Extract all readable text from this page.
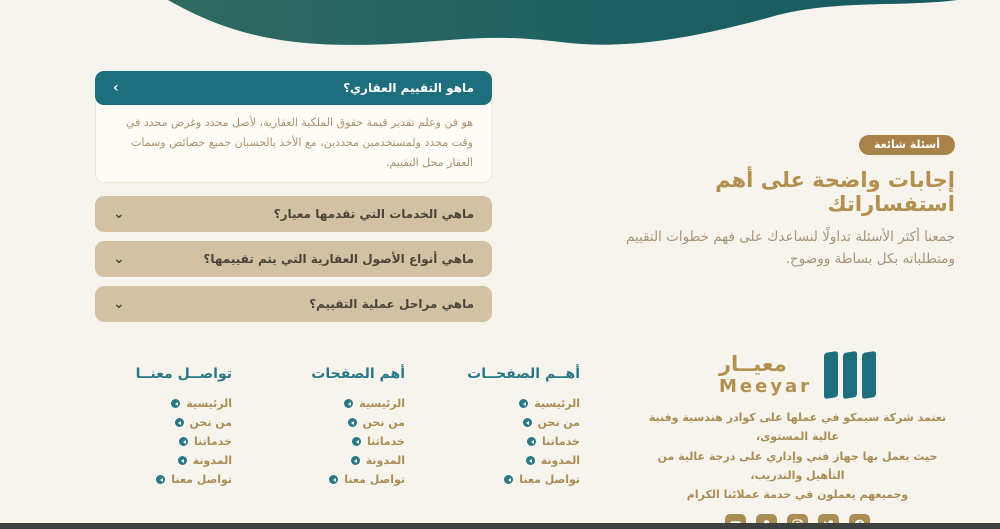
ماهو التقييم العقاري؟
›
هو فن وعلم تقدير قيمة حقوق الملكية العقارية، لأصل محدد وغرض محدد في وقت محدد ولمستخدمين محددين، مع الأخذ بالحسبان جميع خصائص وسمات العقار محل التقييم.
ماهي الخدمات التي تقدمها معيار؟
⌄
ماهي أنواع الأصول العقارية التي يتم تقييمها؟
⌄
ماهي مراحل عملية التقييم؟
⌄
أسئلة شائعة
إجابات واضحة على أهم استفساراتك
جمعنا أكثر الأسئلة تداولًا لنساعدك على فهم خطوات التقييم ومتطلباته بكل بساطة ووضوح.
أهــم الصفحــات
الرئيسية
من نحن
خدماتنا
المدونة
تواصل معنا
أهم الصفحات
الرئيسية
من نحن
خدماتنا
المدونة
تواصل معنا
تواصــل معنــا
الرئيسية
من نحن
خدماتنا
المدونة
تواصل معنا
معيــار
Meeyar
تعتمد شركة سيمكو في عملها على كوادر هندسية وفنية عالية المستوى،
حيث يعمل بها جهاز فني وإداري على درجة عالية من التأهيل والتدريب،
وجميعهم يعملون في خدمة عملائنا الكرام
